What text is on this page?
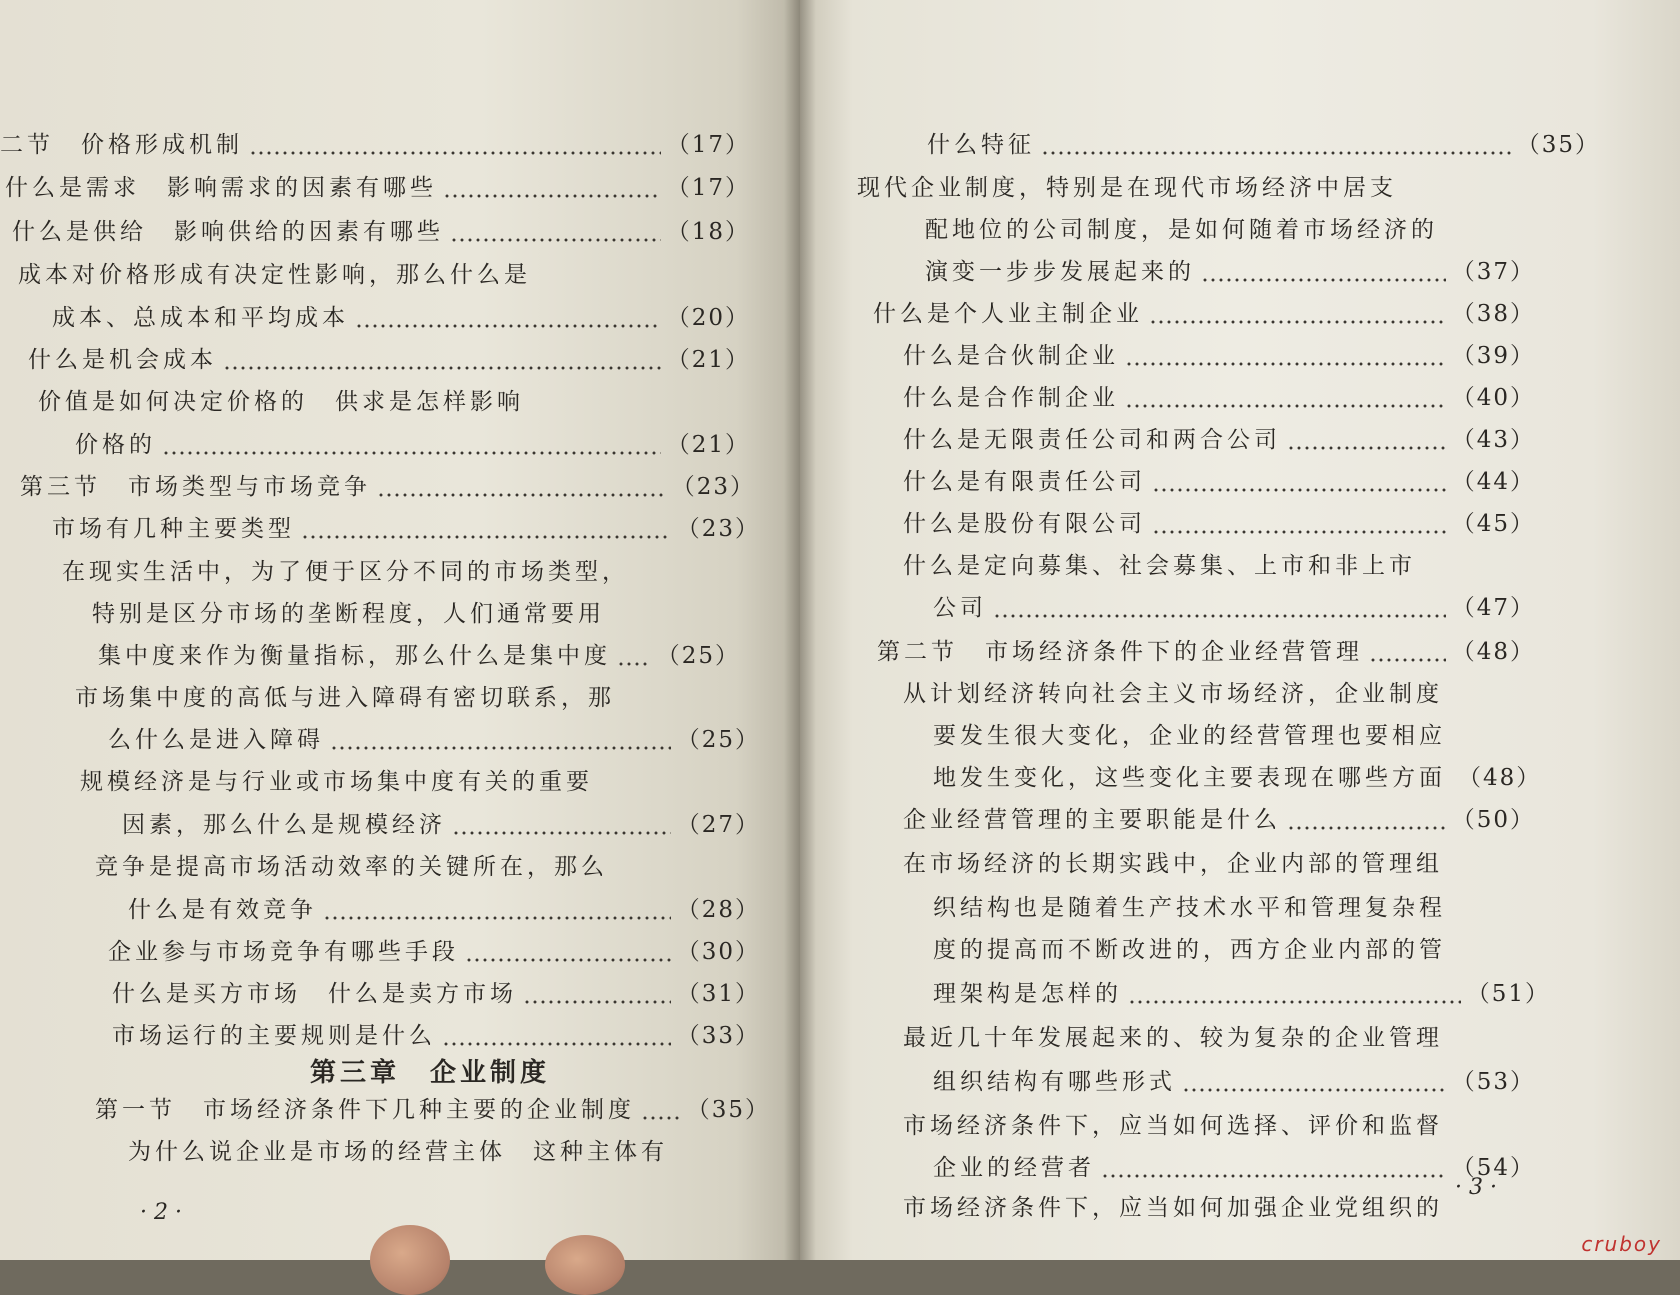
二节　价格形成机制	（17）
什么是需求　影响需求的因素有哪些	（17）
什么是供给　影响供给的因素有哪些	（18）
成本对价格形成有决定性影响，那么什么是
成本、总成本和平均成本	（20）
什么是机会成本	（21）
价值是如何决定价格的　供求是怎样影响
价格的	（21）
第三节　市场类型与市场竞争	（23）
市场有几种主要类型	（23）
在现实生活中，为了便于区分不同的市场类型，
特别是区分市场的垄断程度，人们通常要用
集中度来作为衡量指标，那么什么是集中度 （25）
市场集中度的高低与进入障碍有密切联系，那
么什么是进入障碍	（25）
规模经济是与行业或市场集中度有关的重要
因素，那么什么是规模经济	（27）
竞争是提高市场活动效率的关键所在，那么
什么是有效竞争	（28）
企业参与市场竞争有哪些手段	（30）
什么是买方市场　什么是卖方市场	（31）
市场运行的主要规则是什么	（33）
第一节　市场经济条件下几种主要的企业制度 （35）
为什么说企业是市场的经营主体　这种主体有
什么特征	（35）
现代企业制度，特别是在现代市场经济中居支
配地位的公司制度，是如何随着市场经济的
演变一步步发展起来的	（37）
什么是个人业主制企业	（38）
什么是合伙制企业	（39）
什么是合作制企业	（40）
什么是无限责任公司和两合公司	（43）
什么是有限责任公司	（44）
什么是股份有限公司	（45）
什么是定向募集、社会募集、上市和非上市
公司	（47）
第二节　市场经济条件下的企业经营管理	（48）
从计划经济转向社会主义市场经济，企业制度
要发生很大变化，企业的经营管理也要相应
地发生变化，这些变化主要表现在哪些方面 （48）
企业经营管理的主要职能是什么	（50）
在市场经济的长期实践中，企业内部的管理组
织结构也是随着生产技术水平和管理复杂程
度的提高而不断改进的，西方企业内部的管
理架构是怎样的	（51）
最近几十年发展起来的、较为复杂的企业管理
组织结构有哪些形式	（53）
市场经济条件下，应当如何选择、评价和监督
企业的经营者	（54）
市场经济条件下，应当如何加强企业党组织的
第三章　企业制度
· 2 ·
· 3 ·
cruboy
